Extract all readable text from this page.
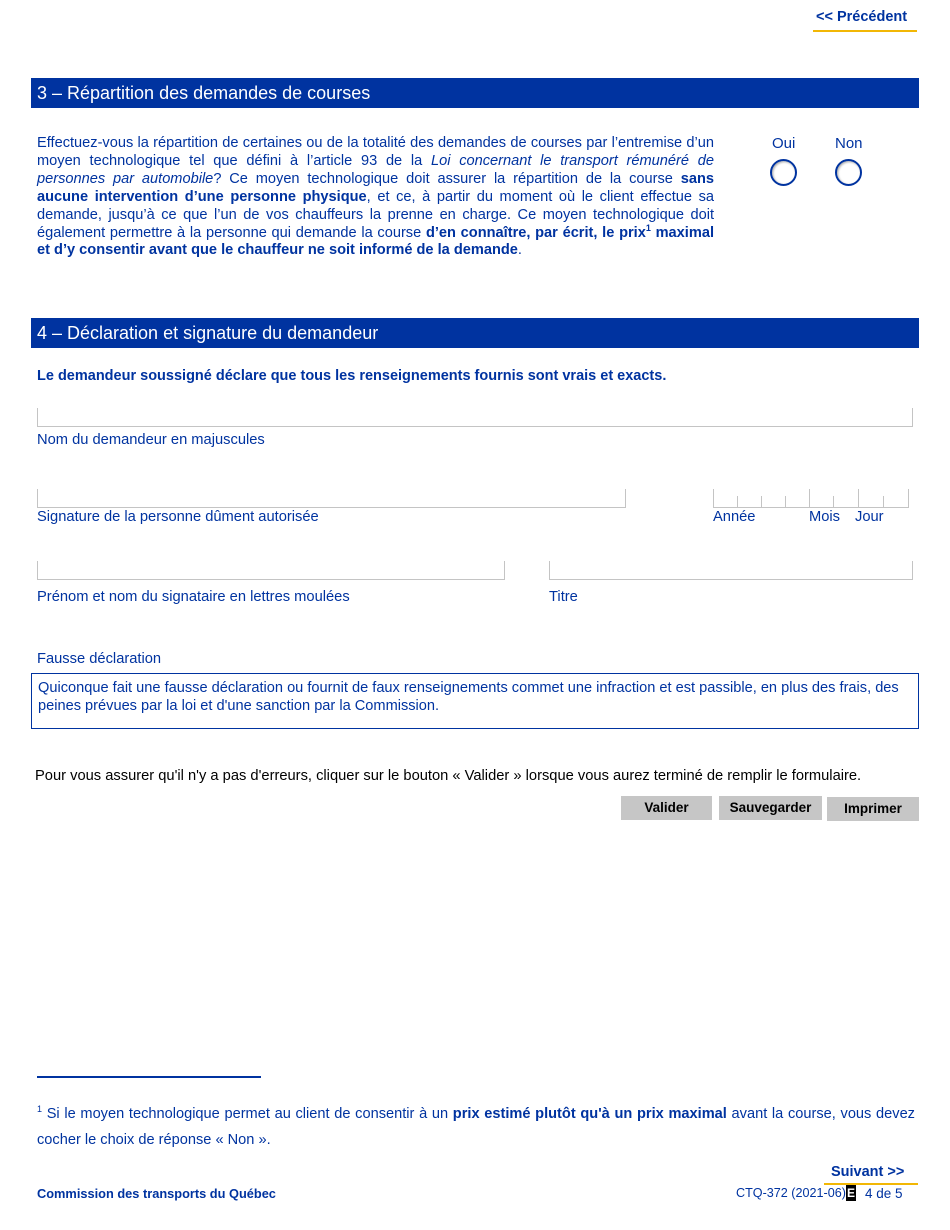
<< Précédent
3 – Répartition des demandes de courses
Effectuez-vous la répartition de certaines ou de la totalité des demandes de courses par l’entremise d’un moyen technologique tel que défini à l’article 93 de la Loi concernant le transport rémunéré de personnes par automobile? Ce moyen technologique doit assurer la répartition de la course sans aucune intervention d’une personne physique, et ce, à partir du moment où le client effectue sa demande, jusqu’à ce que l’un de vos chauffeurs la prenne en charge. Ce moyen technologique doit également permettre à la personne qui demande la course d’en connaître, par écrit, le prix$^1$ maximal et d’y consentir avant que le chauffeur ne soit informé de la demande.
Oui	Non
4 – Déclaration et signature du demandeur
Le demandeur soussigné déclare que tous les renseignements fournis sont vrais et exacts.
Nom du demandeur en majuscules
Signature de la personne dûment autorisée	Année	Mois Jour
Prénom et nom du signataire en lettres moulées	Titre
Fausse déclaration
Quiconque fait une fausse déclaration ou fournit de faux renseignements commet une infraction et est passible, en plus des frais, des peines prévues par la loi et d'une sanction par la Commission.
Pour vous assurer qu'il n'y a pas d'erreurs, cliquer sur le bouton « Valider » lorsque vous aurez terminé de remplir le formulaire.
Valider	Sauvegarder	Imprimer
$^1$ Si le moyen technologique permet au client de consentir à un prix estimé plutôt qu'à un prix maximal avant la course, vous devez cocher le choix de réponse « Non ».
Suivant >>
Commission des transports du Québec	CTQ-372 (2021-06) E 4 de 5
